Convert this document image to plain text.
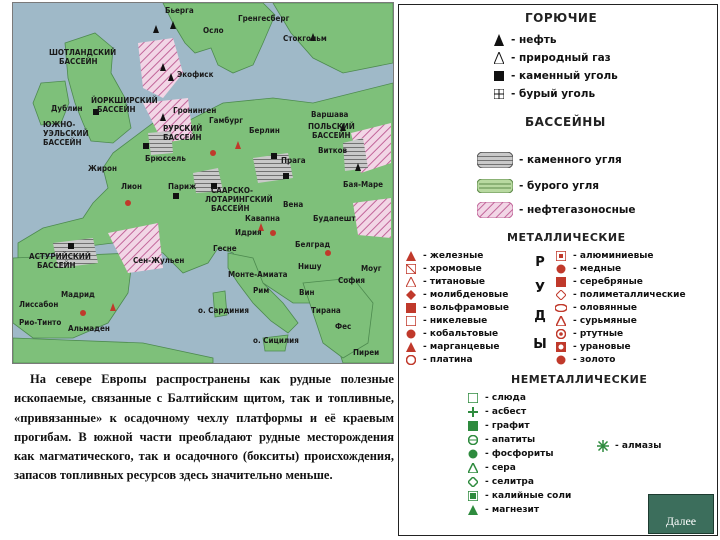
ШОТЛАНДСКИЙ БАССЕЙН
ЙОРКШИРСКИЙ БАССЕЙН
Дублин
ЮЖНО-УЭЛЬСКИЙ БАССЕЙН
АСТУРИЙСКИЙ БАССЕЙН
Осло
Стокгольм
Гренгесберг
Бьерга
Экофиск
Гронинген
Берлин
Варшава
ПОЛЬСКИЙ БАССЕЙН
РУРСКИЙ БАССЕЙН
Брюссель	Прага
Париж
Жирон
Лион	СААРСКО-ЛОТАРИНГСКИЙ БАССЕЙН
Бая-Маре
Кавапна
Вена
Будапешт
Идрия
Белград
Гесне
Сен-Жульен
Рим
Нишу
Монте-Амиата
Мадрид
Рио-Тинто
Альмаден
Лиссабон
София
Моуг
Гамбург
Витков
Вин
Фес
о. Сицилия
Тирана
о. Сардиния
Пиреи

На севере Европы распространены как рудные полезные ископаемые, связанные с Балтийским щитом, так и топливные, «привязанные» к осадочному чехлу платформы и её краевым прогибам. В южной части преобладают рудные месторождения как магматического, так и осадочного (бокситы) происхождения, запасов топливных ресурсов здесь значительно меньше.

ГОРЮЧИЕ
- нефть
- природный газ
- каменный уголь
- бурый уголь
БАССЕЙНЫ
- каменного угля
- бурого угля
- нефтегазоносные
МЕТАЛЛИЧЕСКИЕ
- железные
- хромовые
- титановые
- молибденовые
- вольфрамовые
- никелевые
- кобальтовые
- марганцевые
- платина
Р
У
Д
Ы
- алюминиевые
- медные
- серебряные
- полиметаллические
- оловянные
- сурьмяные
- ртутные
- урановые
- золото
НЕМЕТАЛЛИЧЕСКИЕ
- слюда
- асбест
- графит
- апатиты
- фосфориты
- сера
- селитра
- калийные соли
- магнезит
- алмазы
Далее
